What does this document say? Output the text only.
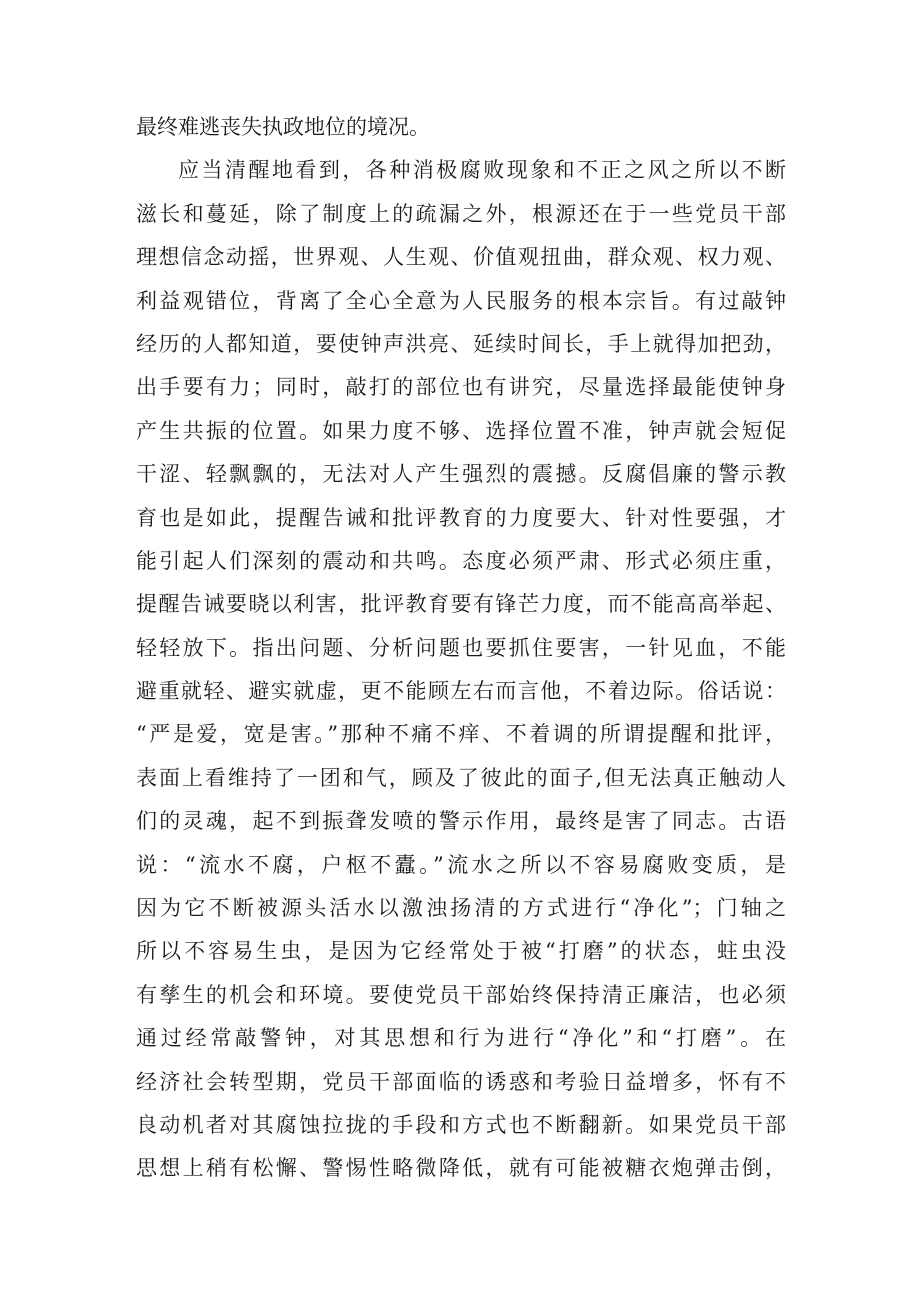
最终难逃丧失执政地位的境况。
应当清醒地看到，各种消极腐败现象和不正之风之所以不断
滋长和蔓延，除了制度上的疏漏之外，根源还在于一些党员干部
理想信念动摇，世界观、人生观、价值观扭曲，群众观、权力观、
利益观错位，背离了全心全意为人民服务的根本宗旨。有过敲钟
经历的人都知道，要使钟声洪亮、延续时间长，手上就得加把劲，
出手要有力；同时，敲打的部位也有讲究，尽量选择最能使钟身
产生共振的位置。如果力度不够、选择位置不准，钟声就会短促
干涩、轻飘飘的，无法对人产生强烈的震撼。反腐倡廉的警示教
育也是如此，提醒告诫和批评教育的力度要大、针对性要强，才
能引起人们深刻的震动和共鸣。态度必须严肃、形式必须庄重，
提醒告诫要晓以利害，批评教育要有锋芒力度，而不能高高举起、
轻轻放下。指出问题、分析问题也要抓住要害，一针见血，不能
避重就轻、避实就虚，更不能顾左右而言他，不着边际。俗话说：
“严是爱，宽是害。”那种不痛不痒、不着调的所谓提醒和批评，
表面上看维持了一团和气，顾及了彼此的面子,但无法真正触动人
们的灵魂，起不到振聋发喷的警示作用，最终是害了同志。古语
说：“流水不腐，户枢不蠹。”流水之所以不容易腐败变质，是
因为它不断被源头活水以激浊扬清的方式进行“净化”；门轴之
所以不容易生虫，是因为它经常处于被“打磨”的状态，蛀虫没
有孳生的机会和环境。要使党员干部始终保持清正廉洁，也必须
通过经常敲警钟，对其思想和行为进行“净化”和“打磨”。在
经济社会转型期，党员干部面临的诱惑和考验日益增多，怀有不
良动机者对其腐蚀拉拢的手段和方式也不断翻新。如果党员干部
思想上稍有松懈、警惕性略微降低，就有可能被糖衣炮弹击倒，
